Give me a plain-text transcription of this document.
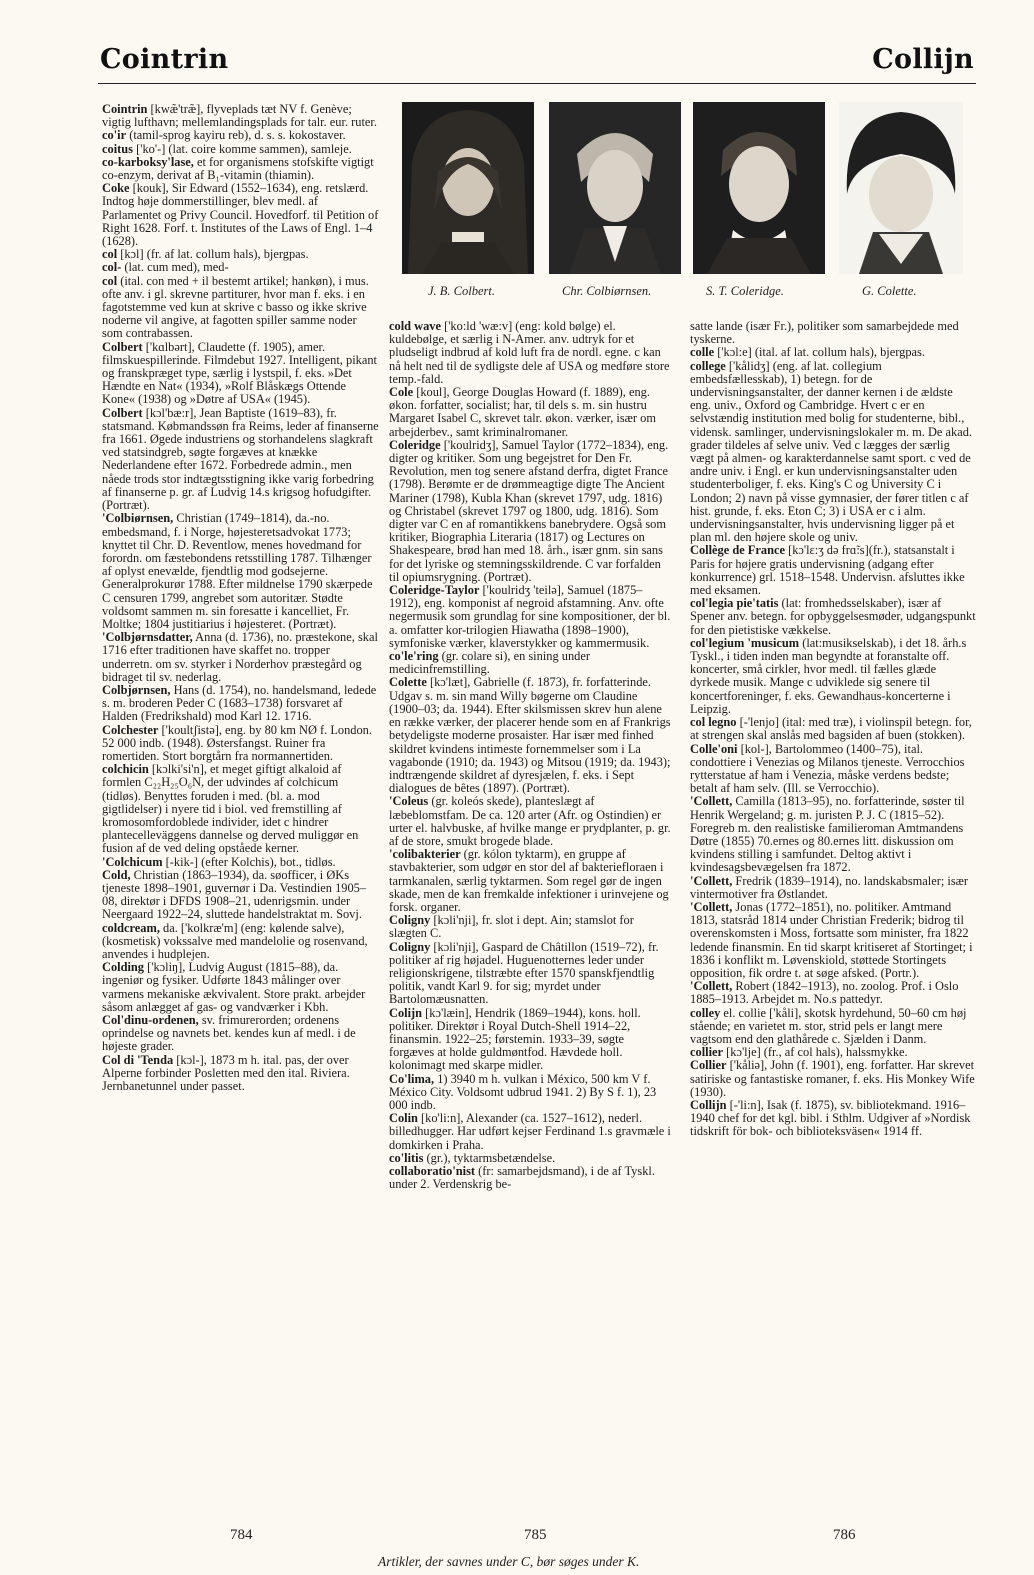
Cointrin	Collijn

Cointrin [kwæ̃'træ̃], flyveplads tæt NV f. Genève; vigtig lufthavn; mellemlandingsplads for talr. eur. ruter.

co'ir (tamil-sprog kayiru reb), d. s. s. kokostaver.

coitus ['ko'-] (lat. coire komme sammen), samleje.

co-karboksy'lase, et for organismens stofskifte vigtigt co-enzym, derivat af B₁-vitamin (thiamin).

Coke [kouk], Sir Edward (1552–1634), eng. retslærd. Indtog høje dommerstillinger, blev medl. af Parlamentet og Privy Council. Hovedforf. til Petition of Right 1628. Forf. t. Institutes of the Laws of Engl. 1–4 (1628).

col [kɔl] (fr. af lat. collum hals), bjergpas.

col- (lat. cum med), med-

col (ital. con med + il bestemt artikel; hankøn), i mus. ofte anv. i gl. skrevne partiturer, hvor man f. eks. i en fagotstemme ved kun at skrive c basso og ikke skrive noderne vil angive, at fagotten spiller samme noder som contrabassen.

Colbert ['kɑlbərt], Claudette (f. 1905), amer. filmskuespillerinde. Filmdebut 1927. Intelligent, pikant og franskpræget type, særlig i lystspil, f. eks. »Det Hændte en Nat« (1934), »Rolf Blåskægs Ottende Kone« (1938) og »Døtre af USA« (1945).

Colbert [kɔl'bæ:r], Jean Baptiste (1619–83), fr. statsmand. Købmandssøn fra Reims, leder af finanserne fra 1661. Øgede industriens og storhandelens slagkraft ved statsindgreb, søgte forgæves at knække Nederlandene efter 1672. Forbedrede admin., men nåede trods stor indtægtsstigning ikke varig forbedring af finanserne p. gr. af Ludvig 14.s krigsog hofudgifter. (Portræt).

'Colbiørnsen, Christian (1749–1814), da.-no. embedsmand, f. i Norge, højesteretsadvokat 1773; knyttet til Chr. D. Reventlow, menes hovedmand for forordn. om fæstebondens retsstilling 1787. Tilhænger af oplyst enevælde, fjendtlig mod godsejerne. Generalprokurør 1788. Efter mildnelse 1790 skærpede C censuren 1799, angrebet som autoritær. Stødte voldsomt sammen m. sin foresatte i kancelliet, Fr. Moltke; 1804 justitiarius i højesteret. (Portræt).

'Colbjørnsdatter, Anna (d. 1736), no. præstekone, skal 1716 efter traditionen have skaffet no. tropper underretn. om sv. styrker i Norderhov præstegård og bidraget til sv. nederlag.

Colbjørnsen, Hans (d. 1754), no. handelsmand, ledede s. m. broderen Peder C (1683–1738) forsvaret af Halden (Fredrikshald) mod Karl 12. 1716.

Colchester ['koultʃistə], eng. by 80 km NØ f. London. 52 000 indb. (1948). Østersfangst. Ruiner fra romertiden. Stort borgtårn fra normannertiden.

colchicin [kɔlki'si'n], et meget giftigt alkaloid af formlen C₂₂H₂₅O₆N, der udvindes af colchicum (tidløs). Benyttes foruden i med. (bl. a. mod gigtlidelser) i nyere tid i biol. ved fremstilling af kromosomfordoblede individer, idet c hindrer plantecelleväggens dannelse og derved muliggør en fusion af de ved deling opståede kerner.

'Colchicum [-kik-] (efter Kolchis), bot., tidløs.

Cold, Christian (1863–1934), da. søofficer, i ØKs tjeneste 1898–1901, guvernør i Da. Vestindien 1905–08, direktør i DFDS 1908–21, udenrigsmin. under Neergaard 1922–24, sluttede handelstraktat m. Sovj.

coldcream, da. ['kolkræ'm] (eng: kølende salve), (kosmetisk) vokssalve med mandelolie og rosenvand, anvendes i hudplejen.

Colding ['kɔliŋ], Ludvig August (1815–88), da. ingeniør og fysiker. Udførte 1843 målinger over varmens mekaniske ækvivalent. Store prakt. arbejder såsom anlægget af gas- og vandværker i Kbh.

Col'dinu-ordenen, sv. frimurerorden; ordenens oprindelse og navnets bet. kendes kun af medl. i de højeste grader.

Col di 'Tenda [kɔl-], 1873 m h. ital. pas, der over Alperne forbinder Posletten med den ital. Riviera. Jernbanetunnel under passet.

J. B. Colbert.	Chr. Colbiørnsen.	S. T. Coleridge.	G. Colette.

cold wave ['ko:ld 'wæ:v] (eng: kold bølge) el. kuldebølge, et særlig i N-Amer. anv. udtryk for et pludseligt indbrud af kold luft fra de nordl. egne. c kan nå helt ned til de sydligste dele af USA og medføre store temp.-fald.

Cole [koul], George Douglas Howard (f. 1889), eng. økon. forfatter, socialist; har, til dels s. m. sin hustru Margaret Isabel C, skrevet talr. økon. værker, især om arbejderbev., samt kriminalromaner.

Coleridge ['koulridʒ], Samuel Taylor (1772–1834), eng. digter og kritiker. Som ung begejstret for Den Fr. Revolution, men tog senere afstand derfra, digtet France (1798). Berømte er de drømmeagtige digte The Ancient Mariner (1798), Kubla Khan (skrevet 1797, udg. 1816) og Christabel (skrevet 1797 og 1800, udg. 1816). Som digter var C en af romantikkens banebrydere. Også som kritiker, Biographia Literaria (1817) og Lectures on Shakespeare, brød han med 18. årh., især gnm. sin sans for det lyriske og stemningsskildrende. C var forfalden til opiumsrygning. (Portræt).

Coleridge-Taylor ['koulridʒ 'teilə], Samuel (1875–1912), eng. komponist af negroid afstamning. Anv. ofte negermusik som grundlag for sine kompositioner, der bl. a. omfatter kor-trilogien Hiawatha (1898–1900), symfoniske værker, klaverstykker og kammermusik.

co'le'ring (gr. colare si), en sining under medicinfremstilling.

Colette [kɔ'læt], Gabrielle (f. 1873), fr. forfatterinde. Udgav s. m. sin mand Willy bøgerne om Claudine (1900–03; da. 1944). Efter skilsmissen skrev hun alene en række værker, der placerer hende som en af Frankrigs betydeligste moderne prosaister. Har især med finhed skildret kvindens intimeste fornemmelser som i La vagabonde (1910; da. 1943) og Mitsou (1919; da. 1943); indtrængende skildret af dyresjælen, f. eks. i Sept dialogues de bêtes (1897). (Portræt).

'Coleus (gr. koleós skede), planteslægt af læbeblomstfam. De ca. 120 arter (Afr. og Ostindien) er urter el. halvbuske, af hvilke mange er prydplanter, p. gr. af de store, smukt brogede blade.

'colibakterier (gr. kólon tyktarm), en gruppe af stavbakterier, som udgør en stor del af bakteriefloraen i tarmkanalen, særlig tyktarmen. Som regel gør de ingen skade, men de kan fremkalde infektioner i urinvejene og forsk. organer.

Coligny [kɔli'nji], fr. slot i dept. Ain; stamslot for slægten C.

Coligny [kɔli'nji], Gaspard de Châtillon (1519–72), fr. politiker af rig højadel. Huguenotternes leder under religionskrigene, tilstræbte efter 1570 spanskfjendtlig politik, vandt Karl 9. for sig; myrdet under Bartolomæusnatten.

Colijn [kɔ'læin], Hendrik (1869–1944), kons. holl. politiker. Direktør i Royal Dutch-Shell 1914–22, finansmin. 1922–25; førstemin. 1933–39, søgte forgæves at holde guldmøntfod. Hævdede holl. kolonimagt med skarpe midler.

Co'lima, 1) 3940 m h. vulkan i México, 500 km V f. México City. Voldsomt udbrud 1941. 2) By S f. 1), 23 000 indb.

Colin [ko'li:n], Alexander (ca. 1527–1612), nederl. billedhugger. Har udført kejser Ferdinand 1.s gravmæle i domkirken i Praha.

co'litis (gr.), tyktarmsbetændelse.

collaboratio'nist (fr: samarbejdsmand), i de af Tyskl. under 2. Verdenskrig be-

satte lande (især Fr.), politiker som samarbejdede med tyskerne.

colle ['kɔl:e] (ital. af lat. collum hals), bjergpas.

college ['kålidʒ] (eng. af lat. collegium embedsfællesskab), 1) betegn. for de undervisningsanstalter, der danner kernen i de ældste eng. univ., Oxford og Cambridge. Hvert c er en selvstændig institution med bolig for studenterne, bibl., vidensk. samlinger, undervisningslokaler m. m. De akad. grader tildeles af selve univ. Ved c lægges der særlig vægt på almen- og karakterdannelse samt sport. c ved de andre univ. i Engl. er kun undervisningsanstalter uden studenterboliger, f. eks. King's C og University C i London; 2) navn på visse gymnasier, der fører titlen c af hist. grunde, f. eks. Eton C; 3) i USA er c i alm. undervisningsanstalter, hvis undervisning ligger på et plan ml. den højere skole og univ.

Collège de France [kɔ'lɛ:ʒ də frɑ̃:s](fr.), statsanstalt i Paris for højere gratis undervisning (adgang efter konkurrence) grl. 1518–1548. Undervisn. afsluttes ikke med eksamen.

col'legia pie'tatis (lat: fromhedsselskaber), især af Spener anv. betegn. for opbyggelsesmøder, udgangspunkt for den pietistiske vækkelse.

col'legium 'musicum (lat:musikselskab), i det 18. årh.s Tyskl., i tiden inden man begyndte at foranstalte off. koncerter, små cirkler, hvor medl. til fælles glæde dyrkede musik. Mange c udviklede sig senere til koncertforeninger, f. eks. Gewandhaus-koncerterne i Leipzig.

col legno [-'lenjo] (ital: med træ), i violinspil betegn. for, at strengen skal anslås med bagsiden af buen (stokken).

Colle'oni [kol-], Bartolommeo (1400–75), ital. condottiere i Venezias og Milanos tjeneste. Verrocchios rytterstatue af ham i Venezia, måske verdens bedste; betalt af ham selv. (Ill. se Verrocchio).

'Collett, Camilla (1813–95), no. forfatterinde, søster til Henrik Wergeland; g. m. juristen P. J. C (1815–52). Foregreb m. den realistiske familieroman Amtmandens Døtre (1855) 70.ernes og 80.ernes litt. diskussion om kvindens stilling i samfundet. Deltog aktivt i kvindesagsbevægelsen fra 1872.

'Collett, Fredrik (1839–1914), no. landskabsmaler; især vintermotiver fra Østlandet.

'Collett, Jonas (1772–1851), no. politiker. Amtmand 1813, statsråd 1814 under Christian Frederik; bidrog til overenskomsten i Moss, fortsatte som minister, fra 1822 ledende finansmin. En tid skarpt kritiseret af Stortinget; i 1836 i konflikt m. Løvenskiold, støttede Stortingets opposition, fik ordre t. at søge afsked. (Portr.).

'Collett, Robert (1842–1913), no. zoolog. Prof. i Oslo 1885–1913. Arbejdet m. No.s pattedyr.

colley el. collie ['kåli], skotsk hyrdehund, 50–60 cm høj stående; en varietet m. stor, strid pels er langt mere vagtsom end den glathårede c. Sjælden i Danm.

collier [kɔ'lje] (fr., af col hals), halssmykke.

Collier ['kåliə], John (f. 1901), eng. forfatter. Har skrevet satiriske og fantastiske romaner, f. eks. His Monkey Wife (1930).

Collijn [-'li:n], Isak (f. 1875), sv. bibliotekmand. 1916–1940 chef for det kgl. bibl. i Sthlm. Udgiver af »Nordisk tidskrift för bok- och biblioteksväsen« 1914 ff.

784	785	786
Artikler, der savnes under C, bør søges under K.
